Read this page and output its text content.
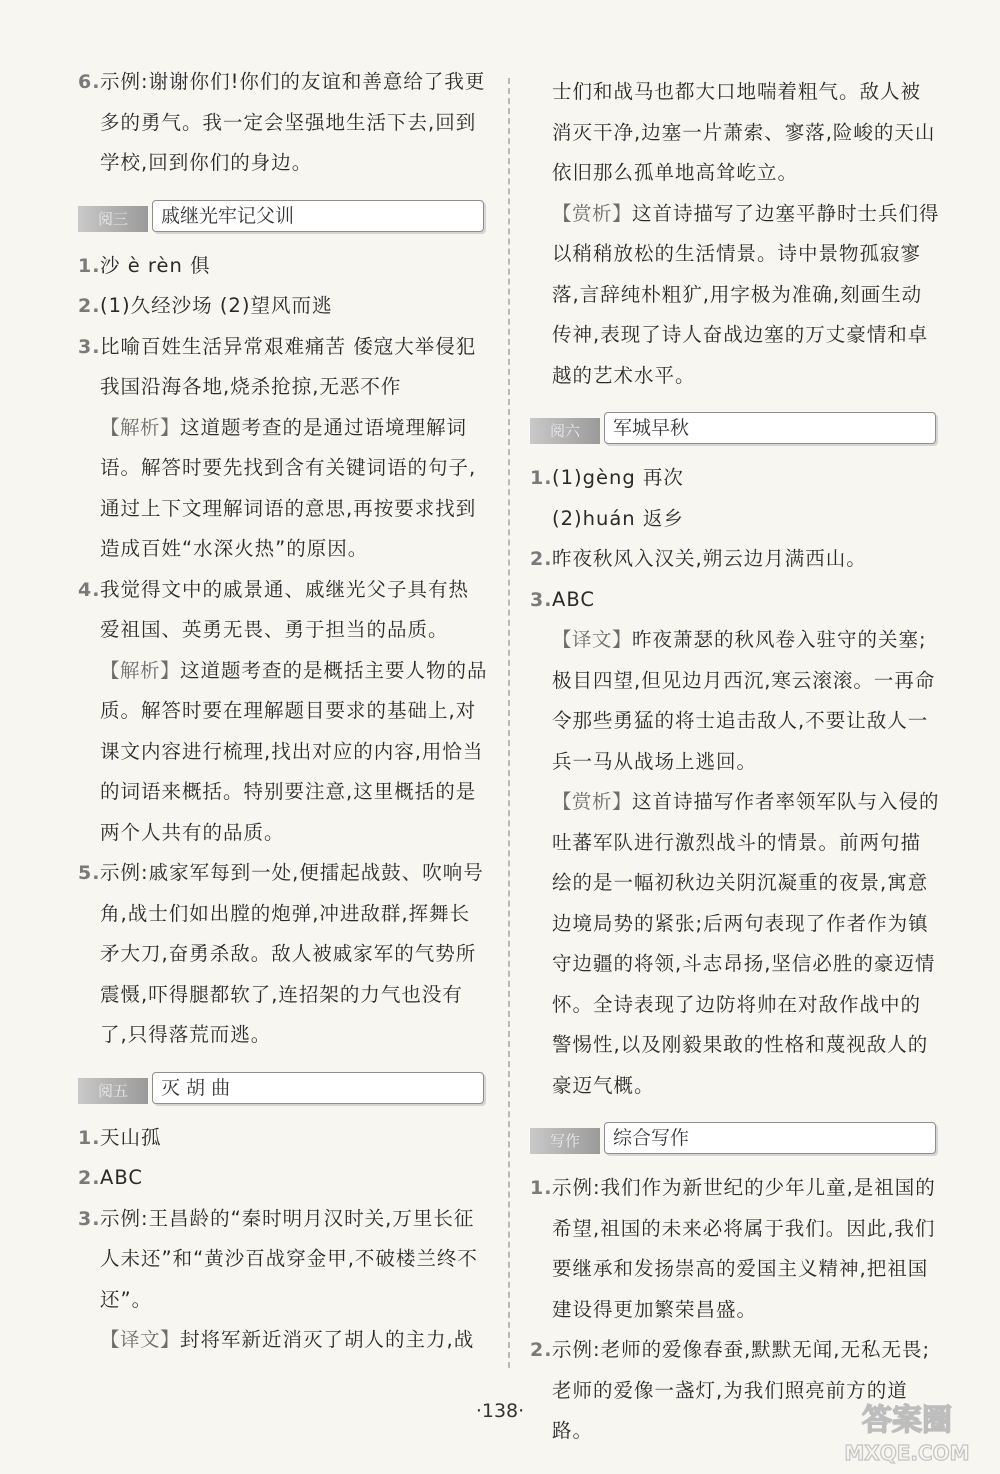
6. 示例:谢谢你们!你们的友谊和善意给了我更多的勇气。我一定会坚强地生活下去,回到学校,回到你们的身边。
阅三	戚继光牢记父训
1. 沙 è rèn 俱
2. (1)久经沙场 (2)望风而逃
3. 比喻百姓生活异常艰难痛苦 倭寇大举侵犯我国沿海各地,烧杀抢掠,无恶不作
【解析】这道题考查的是通过语境理解词语。解答时要先找到含有关键词语的句子,通过上下文理解词语的意思,再按要求找到造成百姓“水深火热”的原因。
4. 我觉得文中的戚景通、戚继光父子具有热爱祖国、英勇无畏、勇于担当的品质。
【解析】这道题考查的是概括主要人物的品质。解答时要在理解题目要求的基础上,对课文内容进行梳理,找出对应的内容,用恰当的词语来概括。特别要注意,这里概括的是两个人共有的品质。
5. 示例:戚家军每到一处,便擂起战鼓、吹响号角,战士们如出膛的炮弹,冲进敌群,挥舞长矛大刀,奋勇杀敌。敌人被戚家军的气势所震慑,吓得腿都软了,连招架的力气也没有了,只得落荒而逃。
阅五	灭 胡 曲
1. 天山孤
2. ABC
3. 示例:王昌龄的“秦时明月汉时关,万里长征人未还”和“黄沙百战穿金甲,不破楼兰终不还”。
【译文】封将军新近消灭了胡人的主力,战
士们和战马也都大口地喘着粗气。敌人被消灭干净,边塞一片萧索、寥落,险峻的天山依旧那么孤单地高耸屹立。
【赏析】这首诗描写了边塞平静时士兵们得以稍稍放松的生活情景。诗中景物孤寂寥落,言辞纯朴粗犷,用字极为准确,刻画生动传神,表现了诗人奋战边塞的万丈豪情和卓越的艺术水平。
阅六	军城早秋
1. (1)gèng 再次
(2)huán 返乡
2. 昨夜秋风入汉关,朔云边月满西山。
3. ABC
【译文】昨夜萧瑟的秋风卷入驻守的关塞;极目四望,但见边月西沉,寒云滚滚。一再命令那些勇猛的将士追击敌人,不要让敌人一兵一马从战场上逃回。
【赏析】这首诗描写作者率领军队与入侵的吐蕃军队进行激烈战斗的情景。前两句描绘的是一幅初秋边关阴沉凝重的夜景,寓意边境局势的紧张;后两句表现了作者作为镇守边疆的将领,斗志昂扬,坚信必胜的豪迈情怀。全诗表现了边防将帅在对敌作战中的警惕性,以及刚毅果敢的性格和蔑视敌人的豪迈气概。
写作	综合写作
1. 示例:我们作为新世纪的少年儿童,是祖国的希望,祖国的未来必将属于我们。因此,我们要继承和发扬崇高的爱国主义精神,把祖国建设得更加繁荣昌盛。
2. 示例:老师的爱像春蚕,默默无闻,无私无畏;老师的爱像一盏灯,为我们照亮前方的道路。
·138·	答案圈
MXQE.COM
